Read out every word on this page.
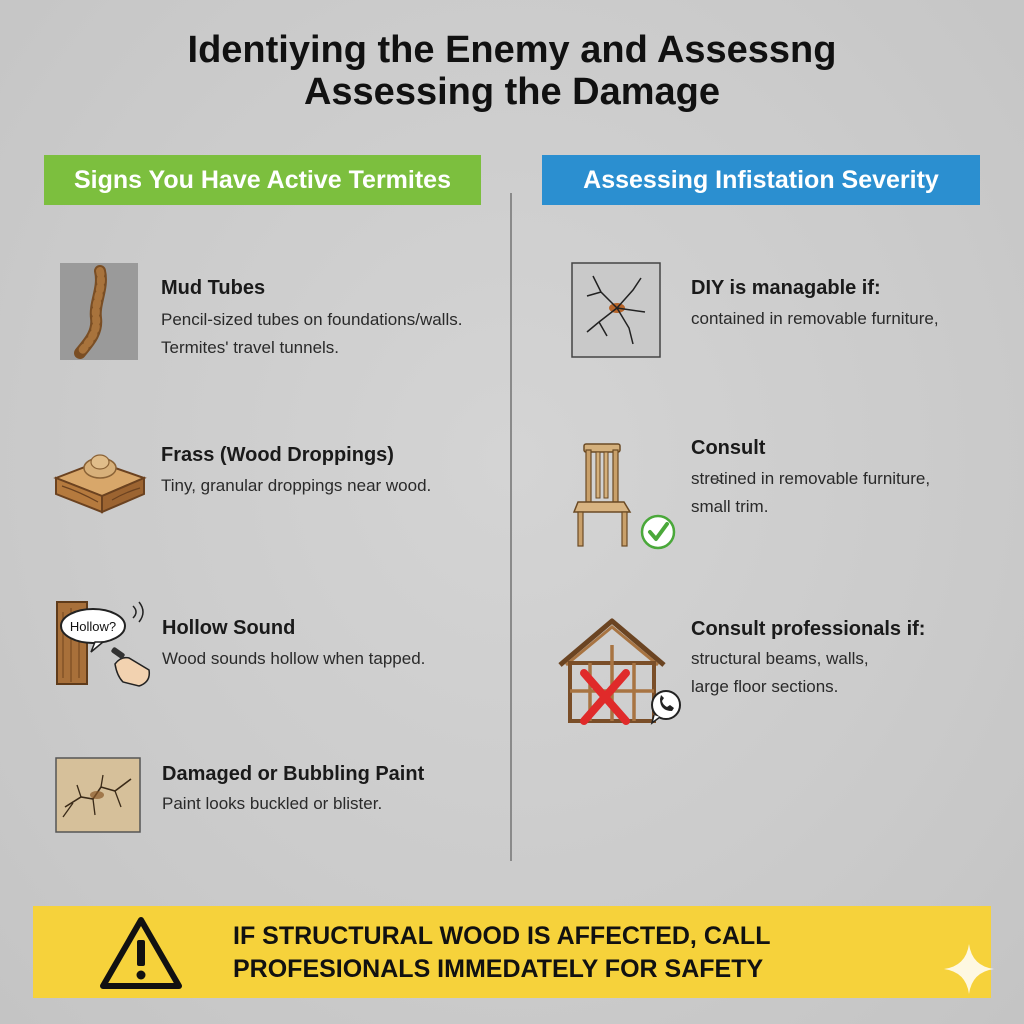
Identiying the Enemy and Assessng
Assessing the Damage
Signs You Have Active Termites	Assessing Infistation Severity
Mud Tubes
Pencil-sized tubes on foundations/walls.
Termites' travel tunnels.
Frass (Wood Droppings)
Tiny, granular droppings near wood.
Hollow? Hollow Sound
Wood sounds hollow when tapped.
Damaged or Bubbling Paint
Paint looks buckled or blister.
DIY is managable if:
contained in removable furniture,
Consult
stre̴tined in removable furniture,
small trim.
Consult professionals if:
structural beams, walls,
large floor sections.
IF STRUCTURAL WOOD IS AFFECTED, CALL
PROFESIONALS IMMEDATELY FOR SAFETY
